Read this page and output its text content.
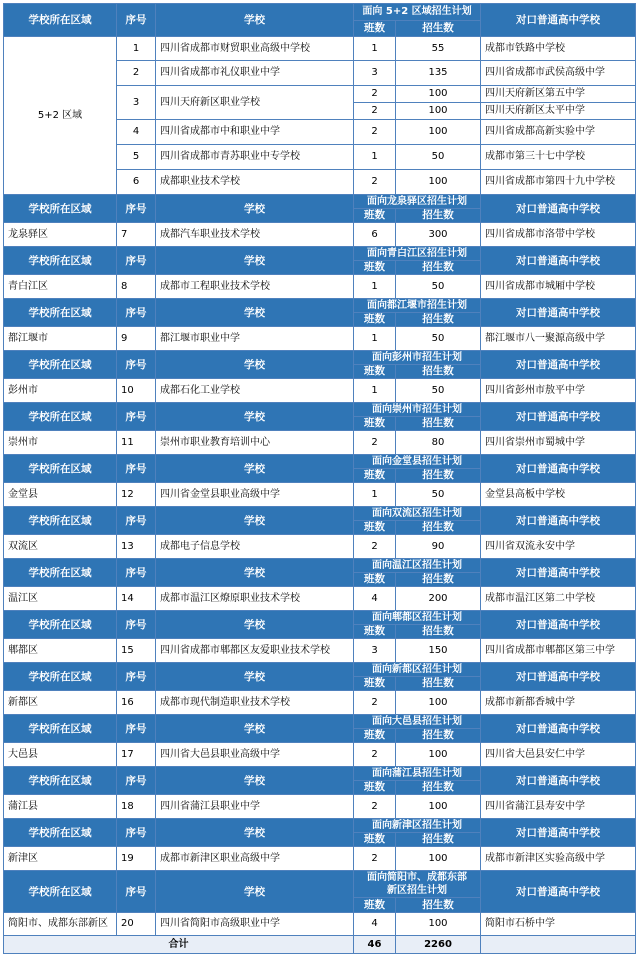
学校所在区域	序号	学校	面向 5+2 区域招生计划		对口普通高中学校
			班数	招生数	
5+2 区域	1	四川省成都市财贸职业高级中学校	1	55	成都市铁路中学校
	2	四川省成都市礼仪职业中学	3	135	四川省成都市武侯高级中学
	3	四川天府新区职业学校	2	100	四川天府新区第五中学
			2	100	四川天府新区太平中学
	4	四川省成都市中和职业中学	2	100	四川省成都高新实验中学
	5	四川省成都市青苏职业中专学校	1	50	成都市第三十七中学校
	6	成都职业技术学校	2	100	四川省成都市第四十九中学校
学校所在区域	序号	学校	面向龙泉驿区招生计划		对口普通高中学校
			班数	招生数	
龙泉驿区	7	成都汽车职业技术学校	6	300	四川省成都市洛带中学校
学校所在区域	序号	学校	面向青白江区招生计划		对口普通高中学校
			班数	招生数	
青白江区	8	成都市工程职业技术学校	1	50	四川省成都市城厢中学校
学校所在区域	序号	学校	面向都江堰市招生计划		对口普通高中学校
			班数	招生数	
都江堰市	9	都江堰市职业中学	1	50	都江堰市八一聚源高级中学
学校所在区域	序号	学校	面向彭州市招生计划		对口普通高中学校
			班数	招生数	
彭州市	10	成都石化工业学校	1	50	四川省彭州市敖平中学
学校所在区域	序号	学校	面向崇州市招生计划		对口普通高中学校
			班数	招生数	
崇州市	11	崇州市职业教育培训中心	2	80	四川省崇州市蜀城中学
学校所在区域	序号	学校	面向金堂县招生计划		对口普通高中学校
			班数	招生数	
金堂县	12	四川省金堂县职业高级中学	1	50	金堂县高板中学校
学校所在区域	序号	学校	面向双流区招生计划		对口普通高中学校
			班数	招生数	
双流区	13	成都电子信息学校	2	90	四川省双流永安中学
学校所在区域	序号	学校	面向温江区招生计划		对口普通高中学校
			班数	招生数	
温江区	14	成都市温江区燎原职业技术学校	4	200	成都市温江区第二中学校
学校所在区域	序号	学校	面向郫都区招生计划		对口普通高中学校
			班数	招生数	
郫都区	15	四川省成都市郫都区友爱职业技术学校	3	150	四川省成都市郫都区第三中学
学校所在区域	序号	学校	面向新都区招生计划		对口普通高中学校
			班数	招生数	
新都区	16	成都市现代制造职业技术学校	2	100	成都市新都香城中学
学校所在区域	序号	学校	面向大邑县招生计划		对口普通高中学校
			班数	招生数	
大邑县	17	四川省大邑县职业高级中学	2	100	四川省大邑县安仁中学
学校所在区域	序号	学校	面向蒲江县招生计划		对口普通高中学校
			班数	招生数	
蒲江县	18	四川省蒲江县职业中学	2	100	四川省蒲江县寿安中学
学校所在区域	序号	学校	面向新津区招生计划		对口普通高中学校
			班数	招生数	
新津区	19	成都市新津区职业高级中学	2	100	成都市新津区实验高级中学
学校所在区域	序号	学校	面向简阳市、成都东部
新区招生计划		对口普通高中学校
			班数	招生数	
简阳市、成都东部新区	20	四川省简阳市高级职业中学	4	100	简阳市石桥中学
合计			46	2260	
